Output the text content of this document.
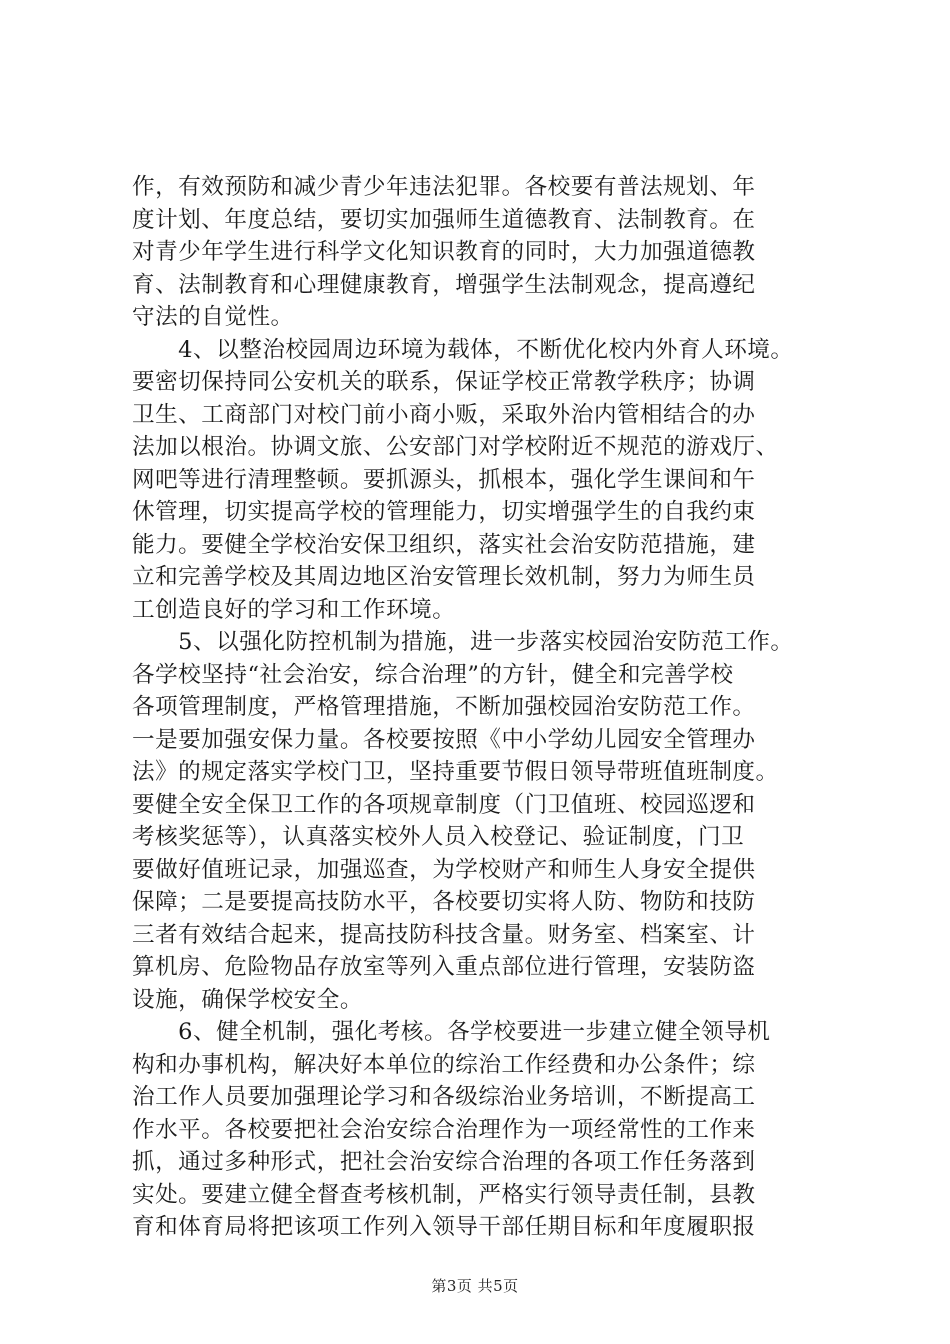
作，有效预防和减少青少年违法犯罪。各校要有普法规划、年
度计划、年度总结，要切实加强师生道德教育、法制教育。在
对青少年学生进行科学文化知识教育的同时，大力加强道德教
育、法制教育和心理健康教育，增强学生法制观念，提高遵纪
守法的自觉性。
　　4、以整治校园周边环境为载体，不断优化校内外育人环境。
要密切保持同公安机关的联系，保证学校正常教学秩序；协调
卫生、工商部门对校门前小商小贩，采取外治内管相结合的办
法加以根治。协调文旅、公安部门对学校附近不规范的游戏厅、
网吧等进行清理整顿。要抓源头，抓根本，强化学生课间和午
休管理，切实提高学校的管理能力，切实增强学生的自我约束
能力。要健全学校治安保卫组织，落实社会治安防范措施，建
立和完善学校及其周边地区治安管理长效机制，努力为师生员
工创造良好的学习和工作环境。
　　5、以强化防控机制为措施，进一步落实校园治安防范工作。
各学校坚持“社会治安，综合治理”的方针，健全和完善学校
各项管理制度，严格管理措施，不断加强校园治安防范工作。
一是要加强安保力量。各校要按照《中小学幼儿园安全管理办
法》的规定落实学校门卫，坚持重要节假日领导带班值班制度。
要健全安全保卫工作的各项规章制度（门卫值班、校园巡逻和
考核奖惩等），认真落实校外人员入校登记、验证制度，门卫
要做好值班记录，加强巡查，为学校财产和师生人身安全提供
保障；二是要提高技防水平，各校要切实将人防、物防和技防
三者有效结合起来，提高技防科技含量。财务室、档案室、计
算机房、危险物品存放室等列入重点部位进行管理，安装防盗
设施，确保学校安全。
　　6、健全机制，强化考核。各学校要进一步建立健全领导机
构和办事机构，解决好本单位的综治工作经费和办公条件；综
治工作人员要加强理论学习和各级综治业务培训，不断提高工
作水平。各校要把社会治安综合治理作为一项经常性的工作来
抓，通过多种形式，把社会治安综合治理的各项工作任务落到
实处。要建立健全督查考核机制，严格实行领导责任制，县教
育和体育局将把该项工作列入领导干部任期目标和年度履职报
第3页 共5页
